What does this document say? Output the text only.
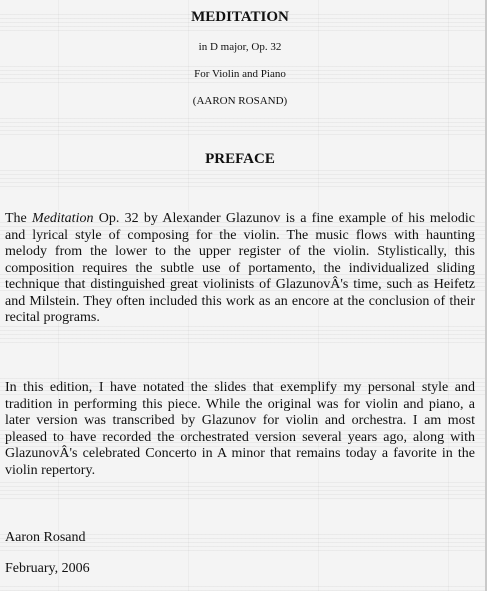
MEDITATION
in D major, Op. 32
For Violin and Piano
(AARON ROSAND)
PREFACE

The Meditation Op. 32 by Alexander Glazunov is a fine example of his melodic and lyrical style of composing for the violin. The music flows with haunting melody from the lower to the upper register of the violin. Stylistically, this composition requires the subtle use of portamento, the individualized sliding technique that distinguished great violinists of GlazunovÂ's time, such as Heifetz and Milstein. They often included this work as an encore at the conclusion of their recital programs.

In this edition, I have notated the slides that exemplify my personal style and tradition in performing this piece. While the original was for violin and piano, a later version was transcribed by Glazunov for violin and orchestra. I am most pleased to have recorded the orchestrated version several years ago, along with GlazunovÂ's celebrated Concerto in A minor that remains today a favorite in the violin repertory.

Aaron Rosand

February, 2006
